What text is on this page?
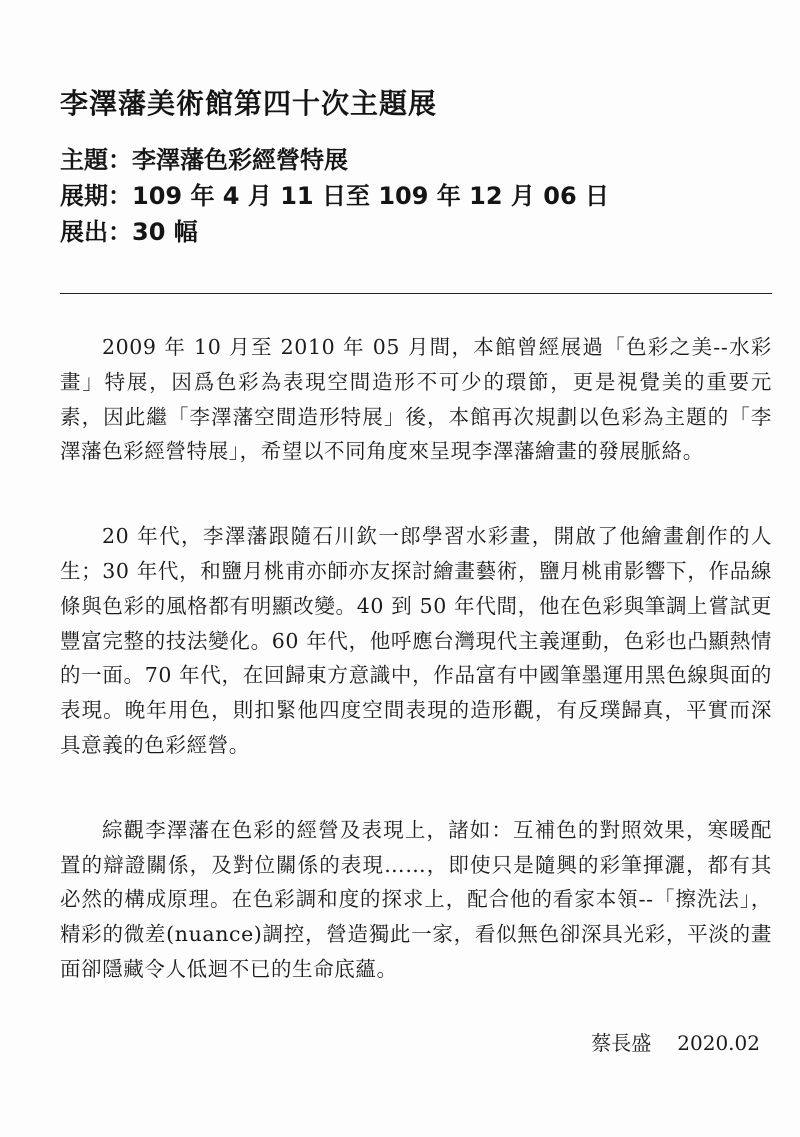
李澤藩美術館第四十次主題展

主題 ： 李澤藩色彩經營特展

展期 ： 109 年 4 月 11 日至 109 年 12 月 06 日

展出 ： 30 幅

2009 年 10 月至 2010 年 05 月間，本館曾經展過「色彩之美--水彩畫」特展，因爲色彩為表現空間造形不可少的環節，更是視覺美的重要元素，因此繼「李澤藩空間造形特展」後，本館再次規劃以色彩為主題的「李澤藩色彩經營特展」，希望以不同角度來呈現李澤藩繪畫的發展脈絡。

20 年代，李澤藩跟隨石川欽一郎學習水彩畫，開啟了他繪畫創作的人生；30 年代，和鹽月桃甫亦師亦友探討繪畫藝術，鹽月桃甫影響下，作品線條與色彩的風格都有明顯改變。40 到 50 年代間，他在色彩與筆調上嘗試更豐富完整的技法變化。60 年代，他呼應台灣現代主義運動，色彩也凸顯熱情的一面。70 年代，在回歸東方意識中，作品富有中國筆墨運用黑色線與面的表現。晚年用色，則扣緊他四度空間表現的造形觀，有反璞歸真，平實而深具意義的色彩經營。

綜觀李澤藩在色彩的經營及表現上，諸如：互補色的對照效果，寒暖配置的辯證關係，及對位關係的表現……，即使只是隨興的彩筆揮灑，都有其必然的構成原理。在色彩調和度的探求上，配合他的看家本領--「擦洗法」，精彩的微差(nuance)調控，營造獨此一家，看似無色卻深具光彩，平淡的畫面卻隱藏令人低迴不已的生命底蘊。

蔡長盛 2020.02
